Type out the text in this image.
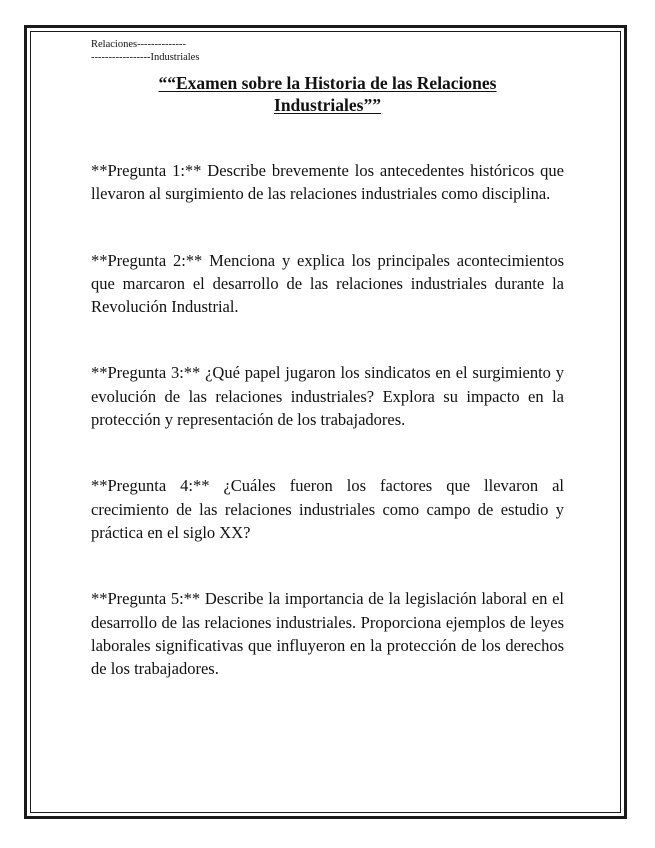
Relaciones--------------
-----------------Industriales
““Examen sobre la Historia de las Relaciones Industriales””

**Pregunta 1:** Describe brevemente los antecedentes históricos que llevaron al surgimiento de las relaciones industriales como disciplina.

**Pregunta 2:** Menciona y explica los principales acontecimientos que marcaron el desarrollo de las relaciones industriales durante la Revolución Industrial.

**Pregunta 3:** ¿Qué papel jugaron los sindicatos en el surgimiento y evolución de las relaciones industriales? Explora su impacto en la protección y representación de los trabajadores.

**Pregunta 4:** ¿Cuáles fueron los factores que llevaron al crecimiento de las relaciones industriales como campo de estudio y práctica en el siglo XX?

**Pregunta 5:** Describe la importancia de la legislación laboral en el desarrollo de las relaciones industriales. Proporciona ejemplos de leyes laborales significativas que influyeron en la protección de los derechos de los trabajadores.
